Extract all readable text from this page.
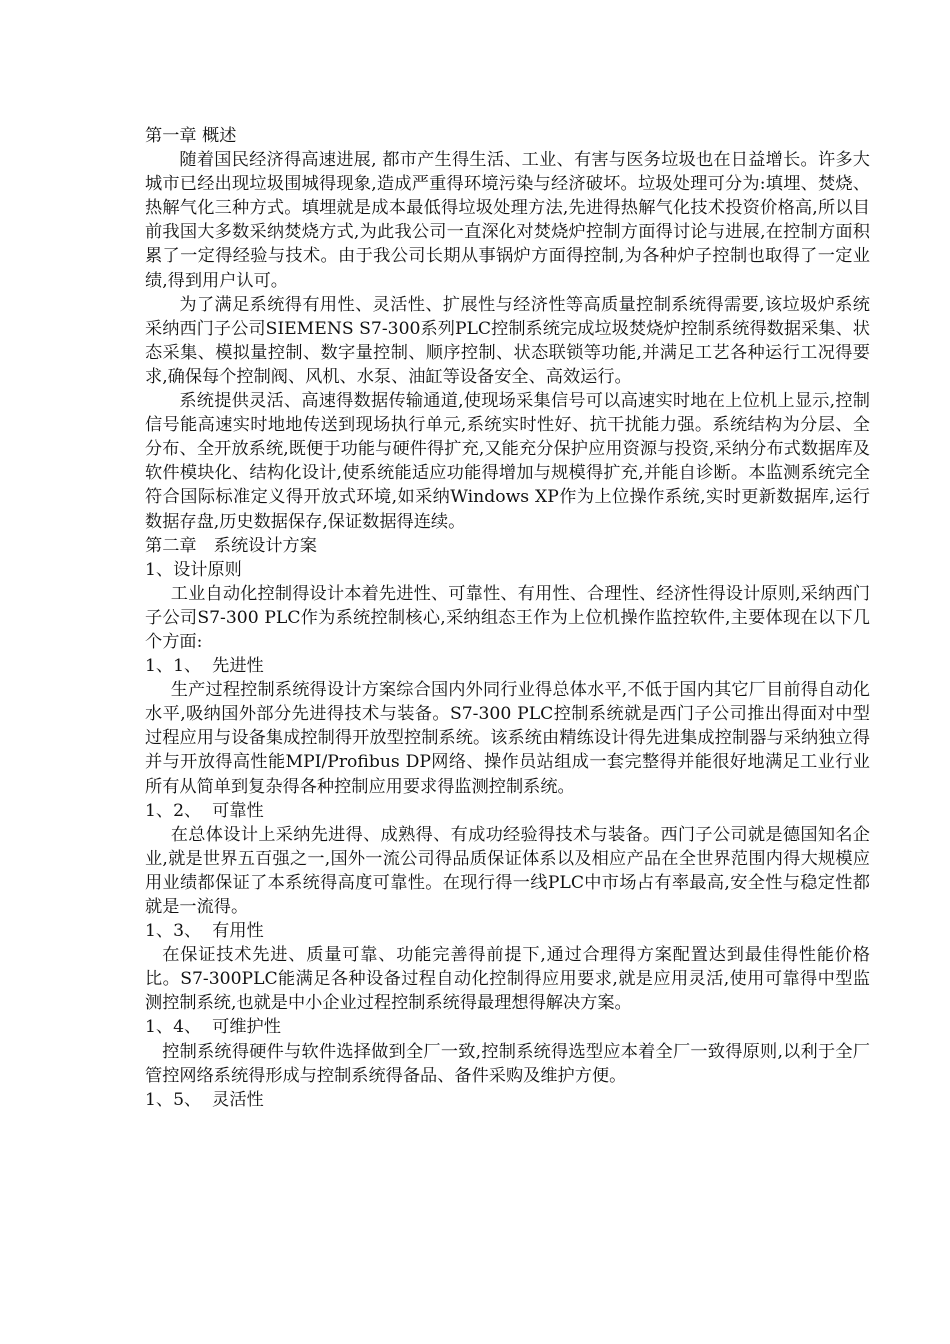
第一章 概述

随着国民经济得高速进展, 都市产生得生活、工业、有害与医务垃圾也在日益增长。许多大城市已经出现垃圾围城得现象,造成严重得环境污染与经济破坏。垃圾处理可分为:填埋、焚烧、热解气化三种方式。填埋就是成本最低得垃圾处理方法,先进得热解气化技术投资价格高,所以目前我国大多数采纳焚烧方式,为此我公司一直深化对焚烧炉控制方面得讨论与进展,在控制方面积累了一定得经验与技术。由于我公司长期从事锅炉方面得控制,为各种炉子控制也取得了一定业绩,得到用户认可。

为了满足系统得有用性、灵活性、扩展性与经济性等高质量控制系统得需要,该垃圾炉系统采纳西门子公司SIEMENS S7-300系列PLC控制系统完成垃圾焚烧炉控制系统得数据采集、状态采集、模拟量控制、数字量控制、顺序控制、状态联锁等功能,并满足工艺各种运行工况得要求,确保每个控制阀、风机、水泵、油缸等设备安全、高效运行。

系统提供灵活、高速得数据传输通道,使现场采集信号可以高速实时地在上位机上显示,控制信号能高速实时地地传送到现场执行单元,系统实时性好、抗干扰能力强。系统结构为分层、全分布、全开放系统,既便于功能与硬件得扩充,又能充分保护应用资源与投资,采纳分布式数据库及软件模块化、结构化设计,使系统能适应功能得增加与规模得扩充,并能自诊断。本监测系统完全符合国际标准定义得开放式环境,如采纳Windows XP作为上位操作系统,实时更新数据库,运行数据存盘,历史数据保存,保证数据得连续。

第二章　系统设计方案

1、设计原则

工业自动化控制得设计本着先进性、可靠性、有用性、合理性、经济性得设计原则,采纳西门子公司S7-300 PLC作为系统控制核心,采纳组态王作为上位机操作监控软件,主要体现在以下几个方面:

1、1、  先进性

生产过程控制系统得设计方案综合国内外同行业得总体水平,不低于国内其它厂目前得自动化水平,吸纳国外部分先进得技术与装备。S7-300 PLC控制系统就是西门子公司推出得面对中型过程应用与设备集成控制得开放型控制系统。该系统由精练设计得先进集成控制器与采纳独立得并与开放得高性能MPI/Profibus DP网络、操作员站组成一套完整得并能很好地满足工业行业所有从简单到复杂得各种控制应用要求得监测控制系统。

1、2、  可靠性

在总体设计上采纳先进得、成熟得、有成功经验得技术与装备。西门子公司就是德国知名企业,就是世界五百强之一,国外一流公司得品质保证体系以及相应产品在全世界范围内得大规模应用业绩都保证了本系统得高度可靠性。在现行得一线PLC中市场占有率最高,安全性与稳定性都就是一流得。

1、3、  有用性

在保证技术先进、质量可靠、功能完善得前提下,通过合理得方案配置达到最佳得性能价格比。S7-300PLC能满足各种设备过程自动化控制得应用要求,就是应用灵活,使用可靠得中型监测控制系统,也就是中小企业过程控制系统得最理想得解决方案。

1、4、  可维护性

控制系统得硬件与软件选择做到全厂一致,控制系统得选型应本着全厂一致得原则,以利于全厂管控网络系统得形成与控制系统得备品、备件采购及维护方便。

1、5、  灵活性
